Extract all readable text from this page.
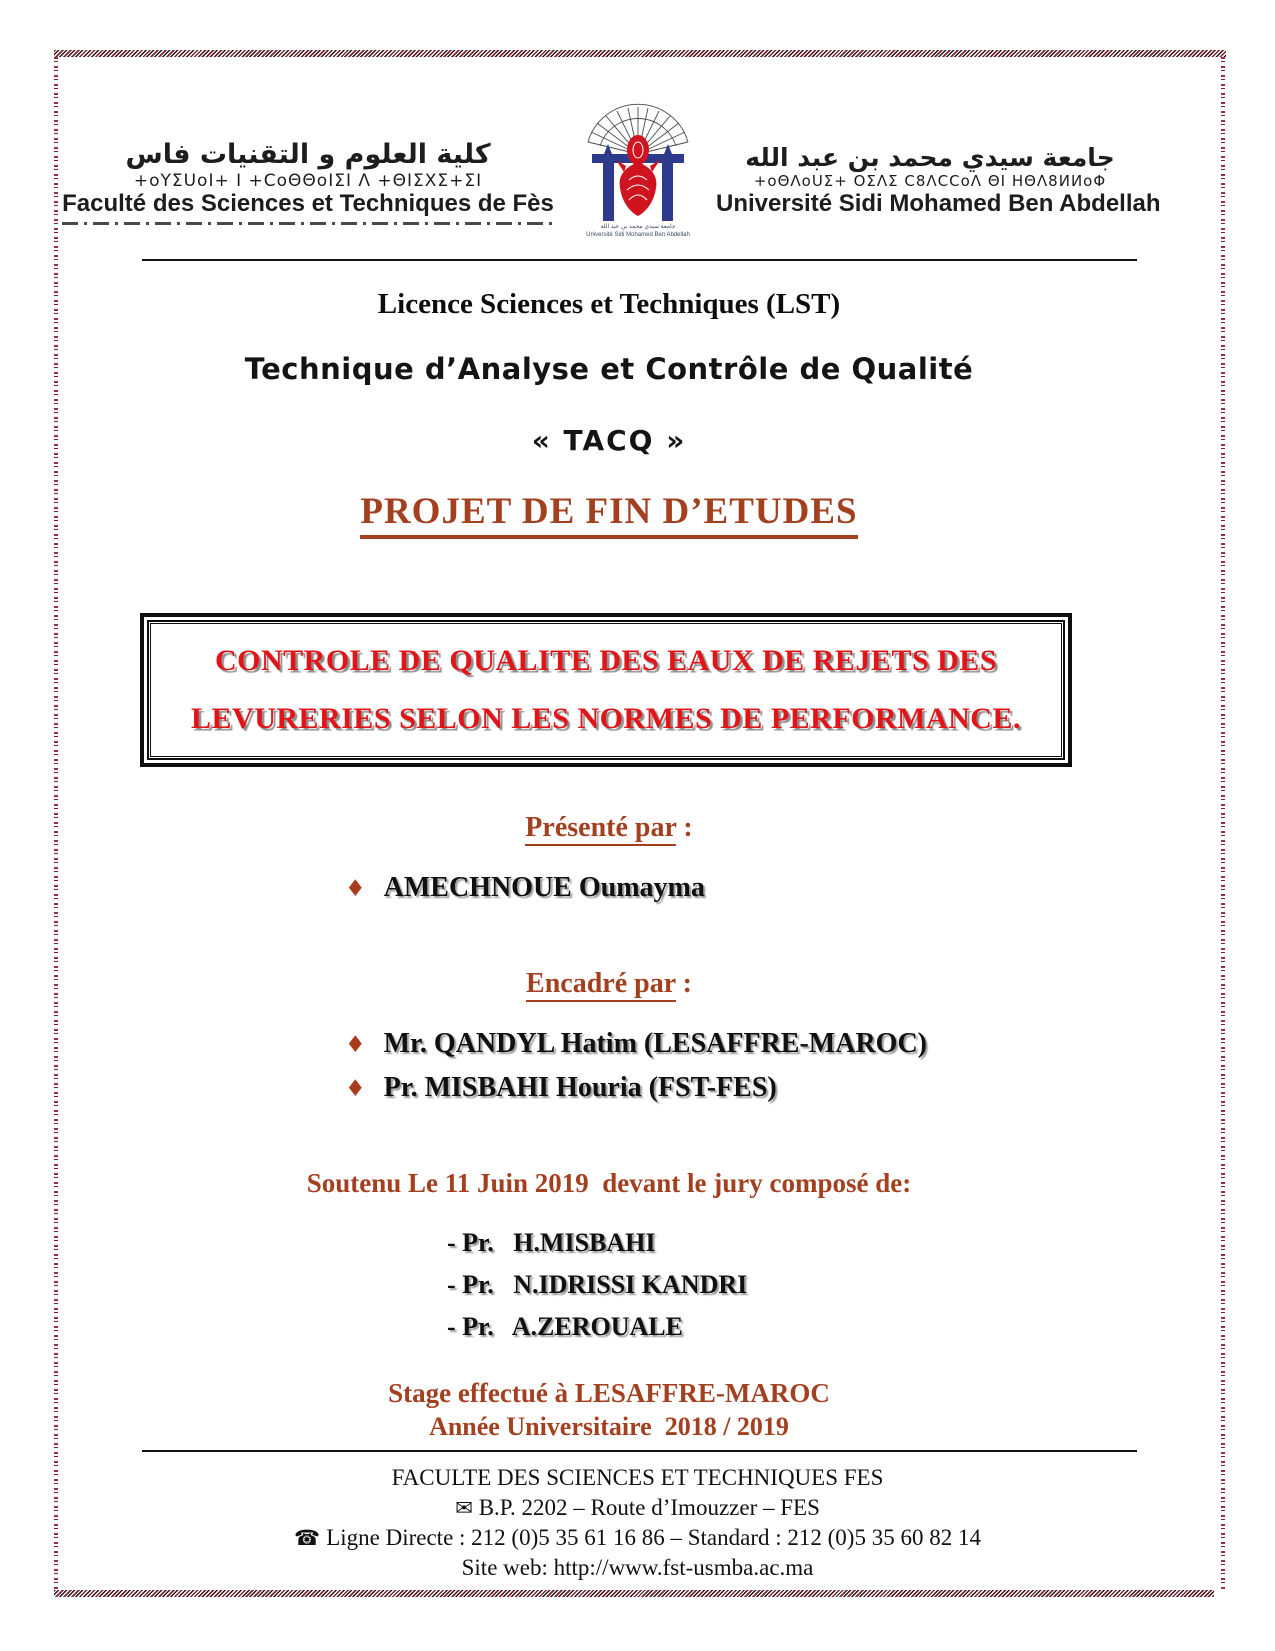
كلية العلوم و التقنيات فاس
+oYΣUoI+ I +CoΘΘoIΣI Λ +ΘIΣXΣ+ΣI
Faculté des Sciences et Techniques de Fès
جامعة سيدي محمد بن عبد الله
Université Sidi Mohamed Ben Abdellah
جامعة سيدي محمد بن عبد الله
+oΘΛoUΣ+ ΟΣΛΣ C8ΛCCoΛ ΘΙ HΘΛ8ИИoΦ
Université Sidi Mohamed Ben Abdellah
Licence Sciences et Techniques (LST)
Technique d’Analyse et Contrôle de Qualité
« TACQ »
PROJET DE FIN D’ETUDES
CONTROLE DE QUALITE DES EAUX DE REJETS DES
LEVURERIES SELON LES NORMES DE PERFORMANCE.
Présenté par :
♦ AMECHNOUE Oumayma
Encadré par :
♦ Mr. QANDYL Hatim (LESAFFRE-MAROC)
♦ Pr. MISBAHI Houria (FST-FES)
Soutenu Le 11 Juin 2019  devant le jury composé de:
- Pr.   H.MISBAHI
- Pr.   N.IDRISSI KANDRI
- Pr.   A.ZEROUALE
Stage effectué à LESAFFRE-MAROC
Année Universitaire  2018 / 2019
FACULTE DES SCIENCES ET TECHNIQUES FES
✉ B.P. 2202 – Route d’Imouzzer – FES
☎ Ligne Directe : 212 (0)5 35 61 16 86 – Standard : 212 (0)5 35 60 82 14
Site web: http://www.fst-usmba.ac.ma
